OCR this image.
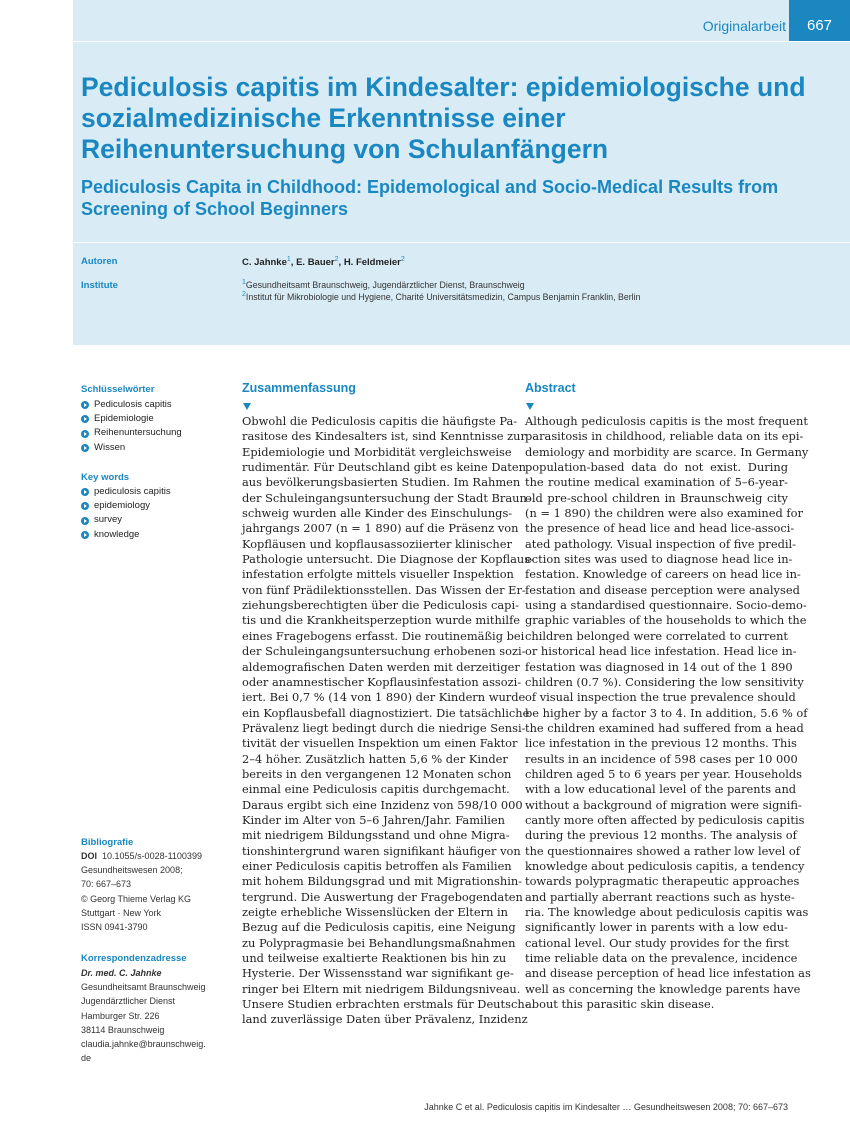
Originalarbeit	667
Pediculosis capitis im Kindesalter: epidemiologische und sozialmedizinische Erkenntnisse einer Reihenuntersuchung von Schulanfängern
Pediculosis Capita in Childhood: Epidemological and Socio-Medical Results from Screening of School Beginners
Autoren	C. Jahnke$^1$, E. Bauer$^2$, H. Feldmeier$^2$
Institute	$^1$Gesundheitsamt Braunschweig, Jugendärztlicher Dienst, Braunschweig
$^2$Institut für Mikrobiologie und Hygiene, Charité Universitätsmedizin, Campus Benjamin Franklin, Berlin
Schlüsselwörter
Pediculosis capitis
Epidemiologie
Reihenuntersuchung
Wissen
Key words
pediculosis capitis
epidemiology
survey
knowledge
Bibliografie
DOI 10.1055/s-0028-1100399
Gesundheitswesen 2008;
70: 667–673
© Georg Thieme Verlag KG
Stuttgart · New York
ISSN 0941-3790
Korrespondenzadresse
Dr. med. C. Jahnke
Gesundheitsamt Braunschweig
Jugendärztlicher Dienst
Hamburger Str. 226
38114 Braunschweig
claudia.jahnke@braunschweig.
de
Zusammenfassung
Obwohl die Pediculosis capitis die häufigste Pa-
rasitose des Kindesalters ist, sind Kenntnisse zur
Epidemiologie und Morbidität vergleichsweise
rudimentär. Für Deutschland gibt es keine Daten
aus bevölkerungsbasierten Studien. Im Rahmen
der Schuleingangsuntersuchung der Stadt Braun-
schweig wurden alle Kinder des Einschulungs-
jahrgangs 2007 (n = 1 890) auf die Präsenz von
Kopfläusen und kopflausassoziierter klinischer
Pathologie untersucht. Die Diagnose der Kopflaus-
infestation erfolgte mittels visueller Inspektion
von fünf Prädilektionsstellen. Das Wissen der Er-
ziehungsberechtigten über die Pediculosis capi-
tis und die Krankheitsperzeption wurde mithilfe
eines Fragebogens erfasst. Die routinemäßig bei
der Schuleingangsuntersuchung erhobenen sozi-
aldemografischen Daten werden mit derzeitiger
oder anamnestischer Kopflausinfestation assozi-
iert. Bei 0,7 % (14 von 1 890) der Kindern wurde
ein Kopflausbefall diagnostiziert. Die tatsächliche
Prävalenz liegt bedingt durch die niedrige Sensi-
tivität der visuellen Inspektion um einen Faktor
2–4 höher. Zusätzlich hatten 5,6 % der Kinder
bereits in den vergangenen 12 Monaten schon
einmal eine Pediculosis capitis durchgemacht.
Daraus ergibt sich eine Inzidenz von 598/10 000
Kinder im Alter von 5–6 Jahren/Jahr. Familien
mit niedrigem Bildungsstand und ohne Migra-
tionshintergrund waren signifikant häufiger von
einer Pediculosis capitis betroffen als Familien
mit hohem Bildungsgrad und mit Migrationshin-
tergrund. Die Auswertung der Fragebogendaten
zeigte erhebliche Wissenslücken der Eltern in
Bezug auf die Pediculosis capitis, eine Neigung
zu Polypragmasie bei Behandlungsmaßnahmen
und teilweise exaltierte Reaktionen bis hin zu
Hysterie. Der Wissensstand war signifikant ge-
ringer bei Eltern mit niedrigem Bildungsniveau.
Unsere Studien erbrachten erstmals für Deutsch-
land zuverlässige Daten über Prävalenz, Inzidenz
Abstract
Although pediculosis capitis is the most frequent
parasitosis in childhood, reliable data on its epi-
demiology and morbidity are scarce. In Germany
population-based data do not exist. During
the routine medical examination of 5–6-year-
old pre-school children in Braunschweig city
(n = 1 890) the children were also examined for
the presence of head lice and head lice-associ-
ated pathology. Visual inspection of five predil-
ection sites was used to diagnose head lice in-
festation. Knowledge of careers on head lice in-
festation and disease perception were analysed
using a standardised questionnaire. Socio-demo-
graphic variables of the households to which the
children belonged were correlated to current
or historical head lice infestation. Head lice in-
festation was diagnosed in 14 out of the 1 890
children (0.7 %). Considering the low sensitivity
of visual inspection the true prevalence should
be higher by a factor 3 to 4. In addition, 5.6 % of
the children examined had suffered from a head
lice infestation in the previous 12 months. This
results in an incidence of 598 cases per 10 000
children aged 5 to 6 years per year. Households
with a low educational level of the parents and
without a background of migration were signifi-
cantly more often affected by pediculosis capitis
during the previous 12 months. The analysis of
the questionnaires showed a rather low level of
knowledge about pediculosis capitis, a tendency
towards polypragmatic therapeutic approaches
and partially aberrant reactions such as hyste-
ria. The knowledge about pediculosis capitis was
significantly lower in parents with a low edu-
cational level. Our study provides for the first
time reliable data on the prevalence, incidence
and disease perception of head lice infestation as
well as concerning the knowledge parents have
about this parasitic skin disease.
Jahnke C et al. Pediculosis capitis im Kindesalter … Gesundheitswesen 2008; 70: 667–673
